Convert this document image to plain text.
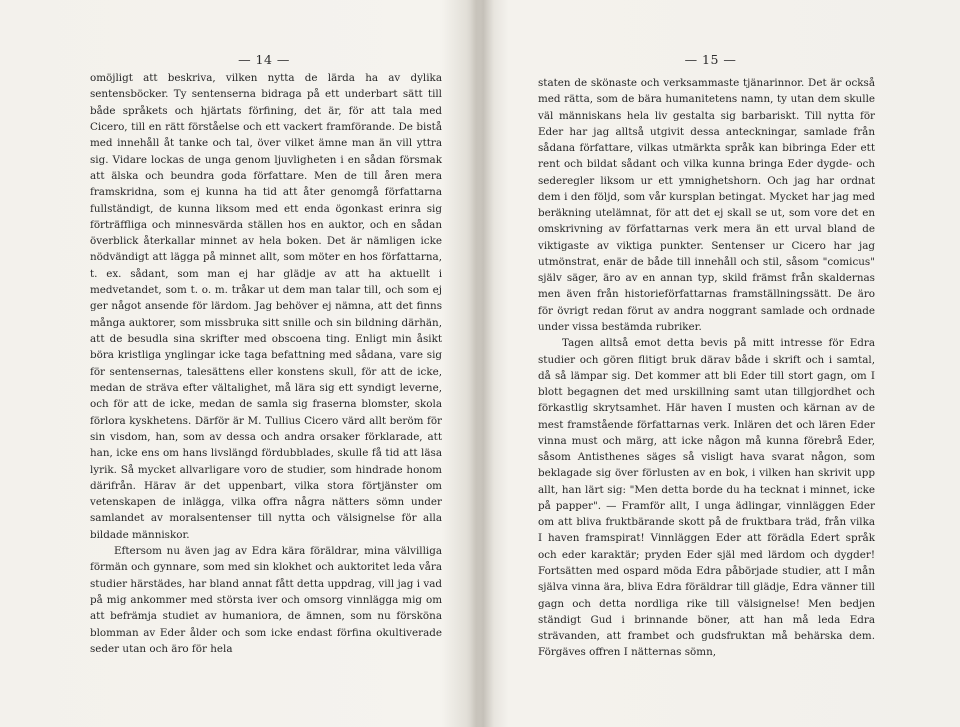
— 14 —

omöjligt att beskriva, vilken nytta de lärda ha av dylika sentensböcker. Ty sentenserna bidraga på ett underbart sätt till både språkets och hjärtats förfining, det är, för att tala med Cicero, till en rätt förståelse och ett vackert framförande. De bistå med innehåll åt tanke och tal, över vilket ämne man än vill yttra sig. Vidare lockas de unga genom ljuvligheten i en sådan försmak att älska och beundra goda författare. Men de till åren mera framskridna, som ej kunna ha tid att åter genomgå författarna fullständigt, de kunna liksom med ett enda ögonkast erinra sig förträffliga och minnesvärda ställen hos en auktor, och en sådan överblick återkallar minnet av hela boken. Det är nämligen icke nödvändigt att lägga på minnet allt, som möter en hos författarna, t. ex. sådant, som man ej har glädje av att ha aktuellt i medvetandet, som t. o. m. tråkar ut dem man talar till, och som ej ger något ansende för lärdom. Jag behöver ej nämna, att det finns många auktorer, som missbruka sitt snille och sin bildning därhän, att de besudla sina skrifter med obscoena ting. Enligt min åsikt böra kristliga ynglingar icke taga befattning med sådana, vare sig för sentensernas, talesättens eller konstens skull, för att de icke, medan de sträva efter vältalighet, må lära sig ett syndigt leverne, och för att de icke, medan de samla sig fraserna blomster, skola förlora kyskhetens. Därför är M. Tullius Cicero värd allt beröm för sin visdom, han, som av dessa och andra orsaker förklarade, att han, icke ens om hans livslängd fördubblades, skulle få tid att läsa lyrik. Så mycket allvarligare voro de studier, som hindrade honom därifrån. Härav är det uppenbart, vilka stora förtjänster om vetenskapen de inlägga, vilka offra några nätters sömn under samlandet av moralsentenser till nytta och välsignelse för alla bildade människor.

Eftersom nu även jag av Edra kära föräldrar, mina välvilliga förmän och gynnare, som med sin klokhet och auktoritet leda våra studier härstädes, har bland annat fått detta uppdrag, vill jag i vad på mig ankommer med största iver och omsorg vinnlägga mig om att befrämja studiet av humaniora, de ämnen, som nu försköna blomman av Eder ålder och som icke endast förfina okultiverade seder utan och äro för hela

— 15 —

staten de skönaste och verksammaste tjänarinnor. Det är också med rätta, som de bära humanitetens namn, ty utan dem skulle väl människans hela liv gestalta sig barbariskt. Till nytta för Eder har jag alltså utgivit dessa anteckningar, samlade från sådana författare, vilkas utmärkta språk kan bibringa Eder ett rent och bildat sådant och vilka kunna bringa Eder dygde- och sederegler liksom ur ett ymnighetshorn. Och jag har ordnat dem i den följd, som vår kursplan betingat. Mycket har jag med beräkning utelämnat, för att det ej skall se ut, som vore det en omskrivning av författarnas verk mera än ett urval bland de viktigaste av viktiga punkter. Sentenser ur Cicero har jag utmönstrat, enär de både till innehåll och stil, såsom "comicus" själv säger, äro av en annan typ, skild främst från skaldernas men även från historieförfattarnas framställningssätt. De äro för övrigt redan förut av andra noggrant samlade och ordnade under vissa bestämda rubriker.

Tagen alltså emot detta bevis på mitt intresse för Edra studier och gören flitigt bruk därav både i skrift och i samtal, då så lämpar sig. Det kommer att bli Eder till stort gagn, om I blott begagnen det med urskillning samt utan tillgjordhet och förkastlig skrytsamhet. Här haven I musten och kärnan av de mest framstående författarnas verk. Inlären det och lären Eder vinna must och märg, att icke någon må kunna förebrå Eder, såsom Antisthenes säges så visligt hava svarat någon, som beklagade sig över förlusten av en bok, i vilken han skrivit upp allt, han lärt sig: "Men detta borde du ha tecknat i minnet, icke på papper". — Framför allt, I unga ädlingar, vinnläggen Eder om att bliva fruktbärande skott på de fruktbara träd, från vilka I haven framspirat! Vinnläggen Eder att förädla Edert språk och eder karaktär; pryden Eder själ med lärdom och dygder! Fortsätten med ospard möda Edra påbörjade studier, att I mån själva vinna ära, bliva Edra föräldrar till glädje, Edra vänner till gagn och detta nordliga rike till välsignelse! Men bedjen ständigt Gud i brinnande böner, att han må leda Edra strävanden, att frambet och gudsfruktan må behärska dem. Förgäves offren I nätternas sömn,
